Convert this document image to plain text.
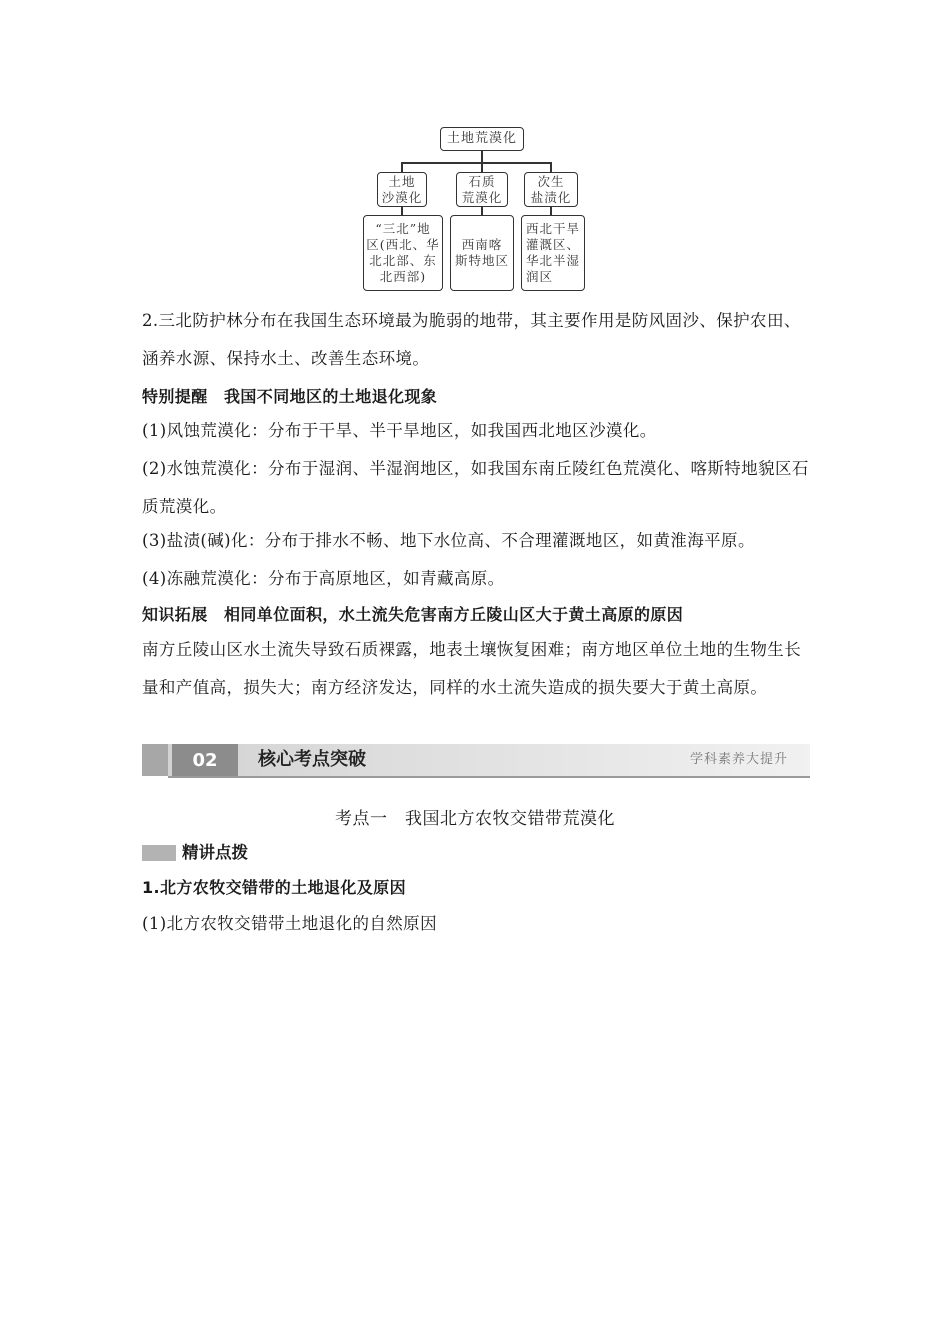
土地荒漠化
土地
沙漠化
石质
荒漠化
次生
盐渍化
“三北”地
区(西北、华
北北部、东
北西部)
西南喀
斯特地区
西北干旱
灌溉区、
华北半湿
润区

2.三北防护林分布在我国生态环境最为脆弱的地带，其主要作用是防风固沙、保护农田、涵养水源、保持水土、改善生态环境。

特别提醒　我国不同地区的土地退化现象

(1)风蚀荒漠化：分布于干旱、半干旱地区，如我国西北地区沙漠化。

(2)水蚀荒漠化：分布于湿润、半湿润地区，如我国东南丘陵红色荒漠化、喀斯特地貌区石质荒漠化。

(3)盐渍(碱)化：分布于排水不畅、地下水位高、不合理灌溉地区，如黄淮海平原。

(4)冻融荒漠化：分布于高原地区，如青藏高原。

知识拓展　相同单位面积，水土流失危害南方丘陵山区大于黄土高原的原因

南方丘陵山区水土流失导致石质裸露，地表土壤恢复困难；南方地区单位土地的生物生长量和产值高，损失大；南方经济发达，同样的水土流失造成的损失要大于黄土高原。

02	核心考点突破	学科素养大提升
考点一　我国北方农牧交错带荒漠化
精讲点拨

1.北方农牧交错带的土地退化及原因

(1)北方农牧交错带土地退化的自然原因
